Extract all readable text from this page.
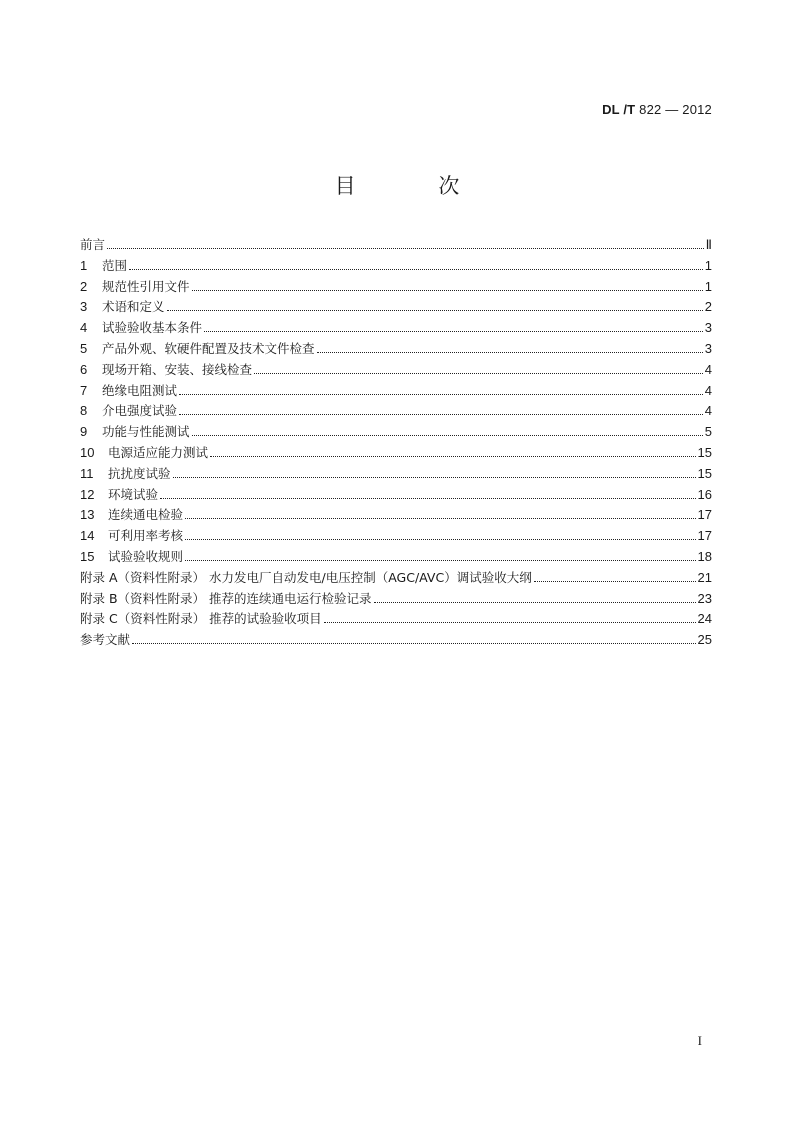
DL /T 822 — 2012
目 次
前言	Ⅱ
1	范围	1
2	规范性引用文件	1
3	术语和定义	2
4	试验验收基本条件	3
5	产品外观、软硬件配置及技术文件检查	3
6	现场开箱、安装、接线检查	4
7	绝缘电阻测试	4
8	介电强度试验	4
9	功能与性能测试	5
10	电源适应能力测试	15
11	抗扰度试验	15
12	环境试验	16
13	连续通电检验	17
14	可利用率考核	17
15	试验验收规则	18
附录 A（资料性附录） 水力发电厂自动发电/电压控制（AGC/AVC）调试验收大纲	21
附录 B（资料性附录） 推荐的连续通电运行检验记录	23
附录 C（资料性附录） 推荐的试验验收项目	24
参考文献	25
I
